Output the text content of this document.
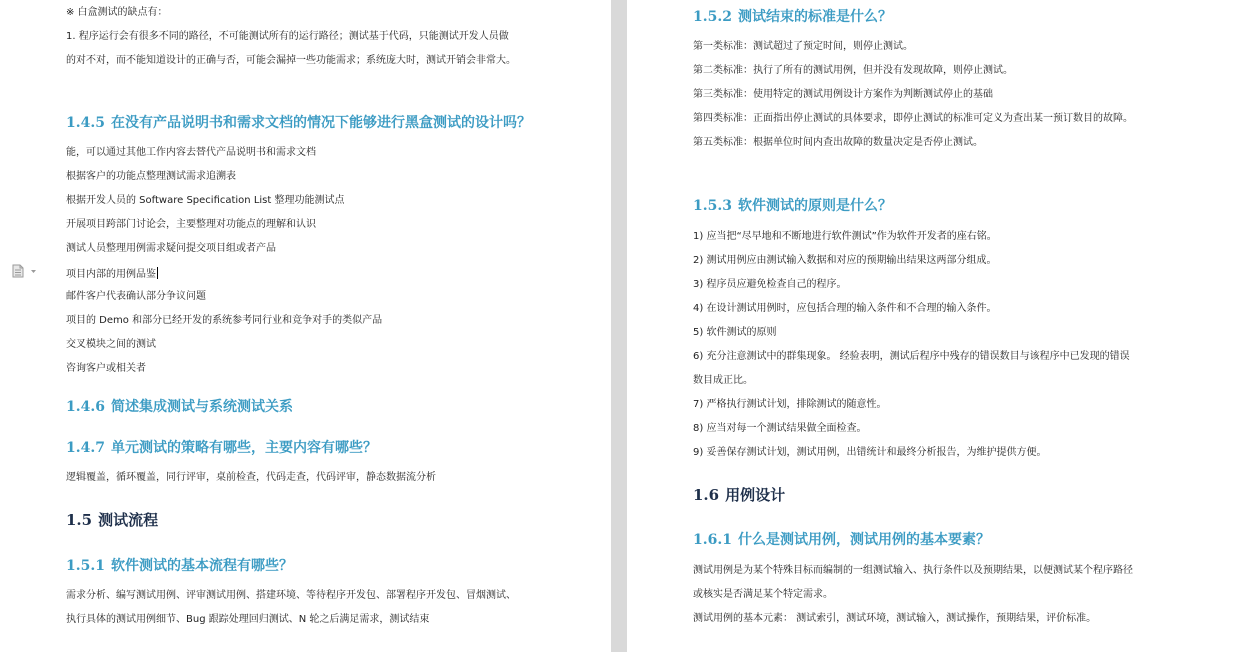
※ 白盒测试的缺点有：
1. 程序运行会有很多不同的路径，不可能测试所有的运行路径；测试基于代码，只能测试开发人员做
的对不对，而不能知道设计的正确与否，可能会漏掉一些功能需求；系统庞大时，测试开销会非常大。
1.4.5 在没有产品说明书和需求文档的情况下能够进行黑盒测试的设计吗？
能，可以通过其他工作内容去替代产品说明书和需求文档
根据客户的功能点整理测试需求追溯表
根据开发人员的 Software Specification List 整理功能测试点
开展项目跨部门讨论会，主要整理对功能点的理解和认识
测试人员整理用例需求疑问提交项目组或者产品
项目内部的用例品鉴
邮件客户代表确认部分争议问题
项目的 Demo 和部分已经开发的系统参考同行业和竞争对手的类似产品
交叉模块之间的测试
咨询客户或相关者
1.4.6 简述集成测试与系统测试关系
1.4.7 单元测试的策略有哪些，主要内容有哪些？
逻辑覆盖，循环覆盖，同行评审，桌前检查，代码走查，代码评审，静态数据流分析
1.5 测试流程
1.5.1 软件测试的基本流程有哪些？
需求分析、编写测试用例、评审测试用例、搭建环境、等待程序开发包、部署程序开发包、冒烟测试、
执行具体的测试用例细节、Bug 跟踪处理回归测试、N 轮之后满足需求，测试结束
1.5.2 测试结束的标准是什么？
第一类标准：测试超过了预定时间，则停止测试。
第二类标准：执行了所有的测试用例，但并没有发现故障，则停止测试。
第三类标准：使用特定的测试用例设计方案作为判断测试停止的基础
第四类标准：正面指出停止测试的具体要求，即停止测试的标准可定义为查出某一预订数目的故障。
第五类标准：根据单位时间内查出故障的数量决定是否停止测试。
1.5.3 软件测试的原则是什么？
1) 应当把“尽早地和不断地进行软件测试”作为软件开发者的座右铭。
2) 测试用例应由测试输入数据和对应的预期输出结果这两部分组成。
3) 程序员应避免检查自己的程序。
4) 在设计测试用例时，应包括合理的输入条件和不合理的输入条件。
5) 软件测试的原则
6) 充分注意测试中的群集现象。 经验表明，测试后程序中残存的错误数目与该程序中已发现的错误
数目成正比。
7) 严格执行测试计划，排除测试的随意性。
8) 应当对每一个测试结果做全面检查。
9) 妥善保存测试计划，测试用例，出错统计和最终分析报告，为维护提供方便。
1.6 用例设计
1.6.1 什么是测试用例，测试用例的基本要素？
测试用例是为某个特殊目标而编制的一组测试输入、执行条件以及预期结果，以便测试某个程序路径
或核实是否满足某个特定需求。
测试用例的基本元素： 测试索引，测试环境，测试输入，测试操作，预期结果，评价标准。
